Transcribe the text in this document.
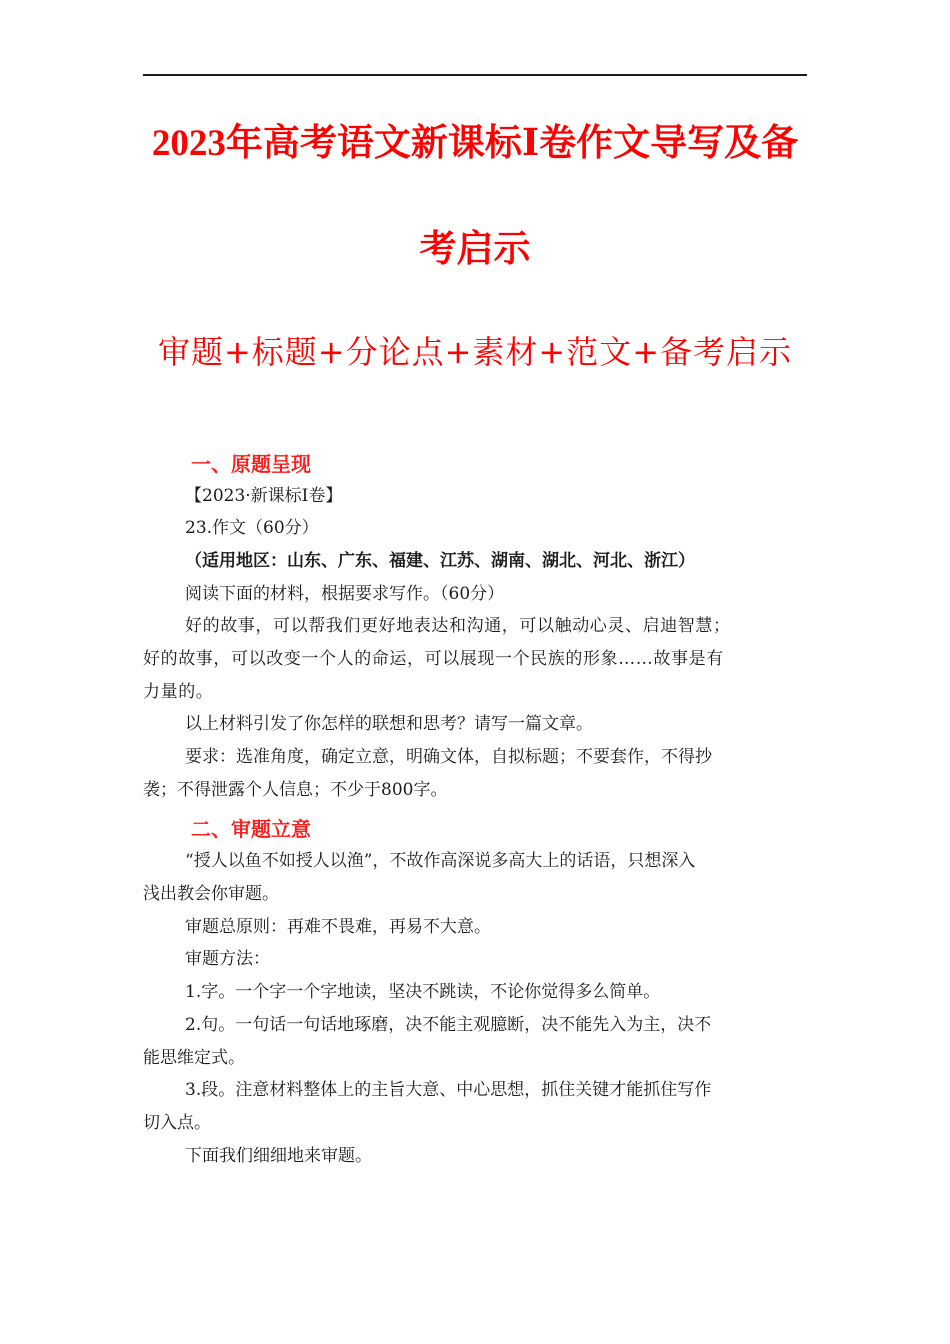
2023年高考语文新课标Ⅰ卷作文导写及备
考启示
审题+标题+分论点+素材+范文+备考启示
一、原题呈现
【2023·新课标Ⅰ卷】
23.作文（60分）
（适用地区：山东、广东、福建、江苏、湖南、湖北、河北、浙江）
阅读下面的材料，根据要求写作。（60分）
好的故事，可以帮我们更好地表达和沟通，可以触动心灵、启迪智慧；
好的故事，可以改变一个人的命运，可以展现一个民族的形象……故事是有
力量的。
以上材料引发了你怎样的联想和思考？请写一篇文章。
要求：选准角度，确定立意，明确文体，自拟标题；不要套作，不得抄
袭；不得泄露个人信息；不少于800字。
二、审题立意
“授人以鱼不如授人以渔”，不故作高深说多高大上的话语，只想深入
浅出教会你审题。
审题总原则：再难不畏难，再易不大意。
审题方法：
1.字。一个字一个字地读，坚决不跳读，不论你觉得多么简单。
2.句。一句话一句话地琢磨，决不能主观臆断，决不能先入为主，决不
能思维定式。
3.段。注意材料整体上的主旨大意、中心思想，抓住关键才能抓住写作
切入点。
下面我们细细地来审题。
